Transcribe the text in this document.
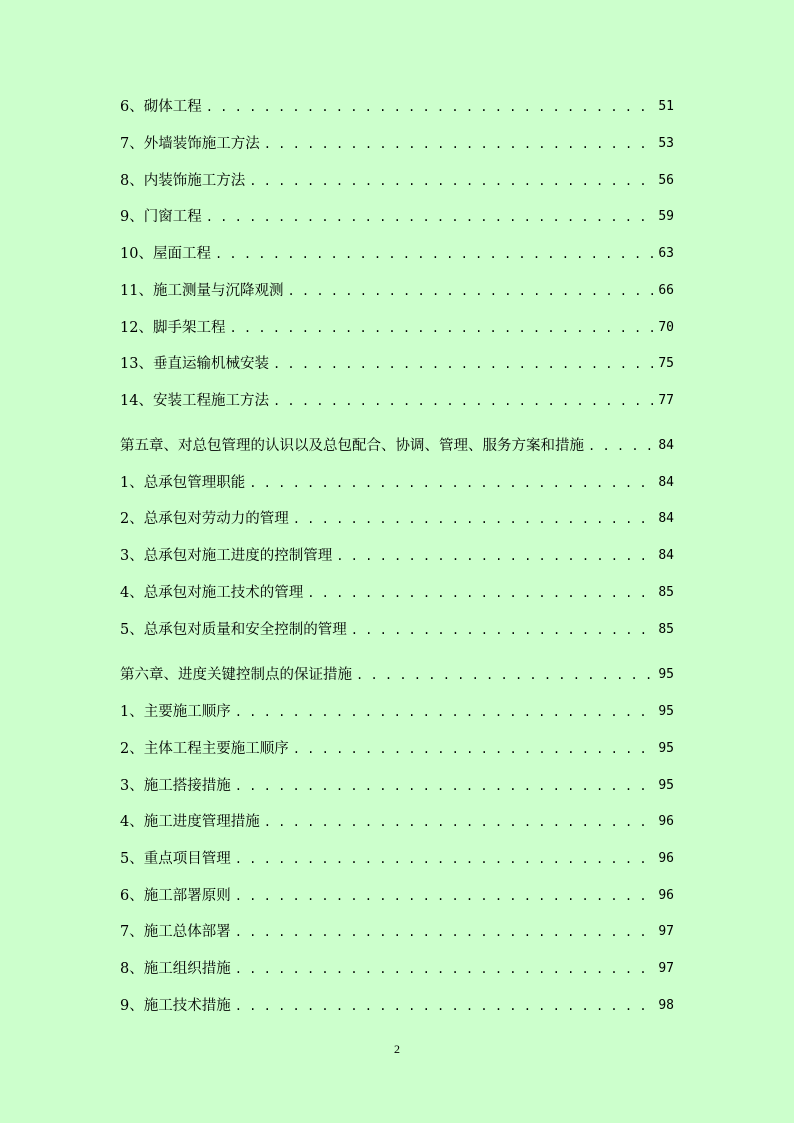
6、砌体工程 . . .	51
7、外墙装饰施工方法 . . .	53
8、内装饰施工方法 . . .	56
9、门窗工程 . . .	59
10、屋面工程 . . .	63
11、施工测量与沉降观测 . . .	66
12、脚手架工程 . . .	70
13、垂直运输机械安装 . . .	75
14、安装工程施工方法 . . .	77
第五章、对总包管理的认识以及总包配合、协调、管理、服务方案和措施 . . .	84
1、总承包管理职能 . . .	84
2、总承包对劳动力的管理 . . .	84
3、总承包对施工进度的控制管理 . . .	84
4、总承包对施工技术的管理 . . .	85
5、总承包对质量和安全控制的管理 . . .	85
第六章、进度关键控制点的保证措施 . . .	95
1、主要施工顺序 . . .	95
2、主体工程主要施工顺序 . . .	95
3、施工搭接措施 . . .	95
4、施工进度管理措施 . . .	96
5、重点项目管理 . . .	96
6、施工部署原则 . . .	96
7、施工总体部署 . . .	97
8、施工组织措施 . . .	97
9、施工技术措施 . . .	98
2
